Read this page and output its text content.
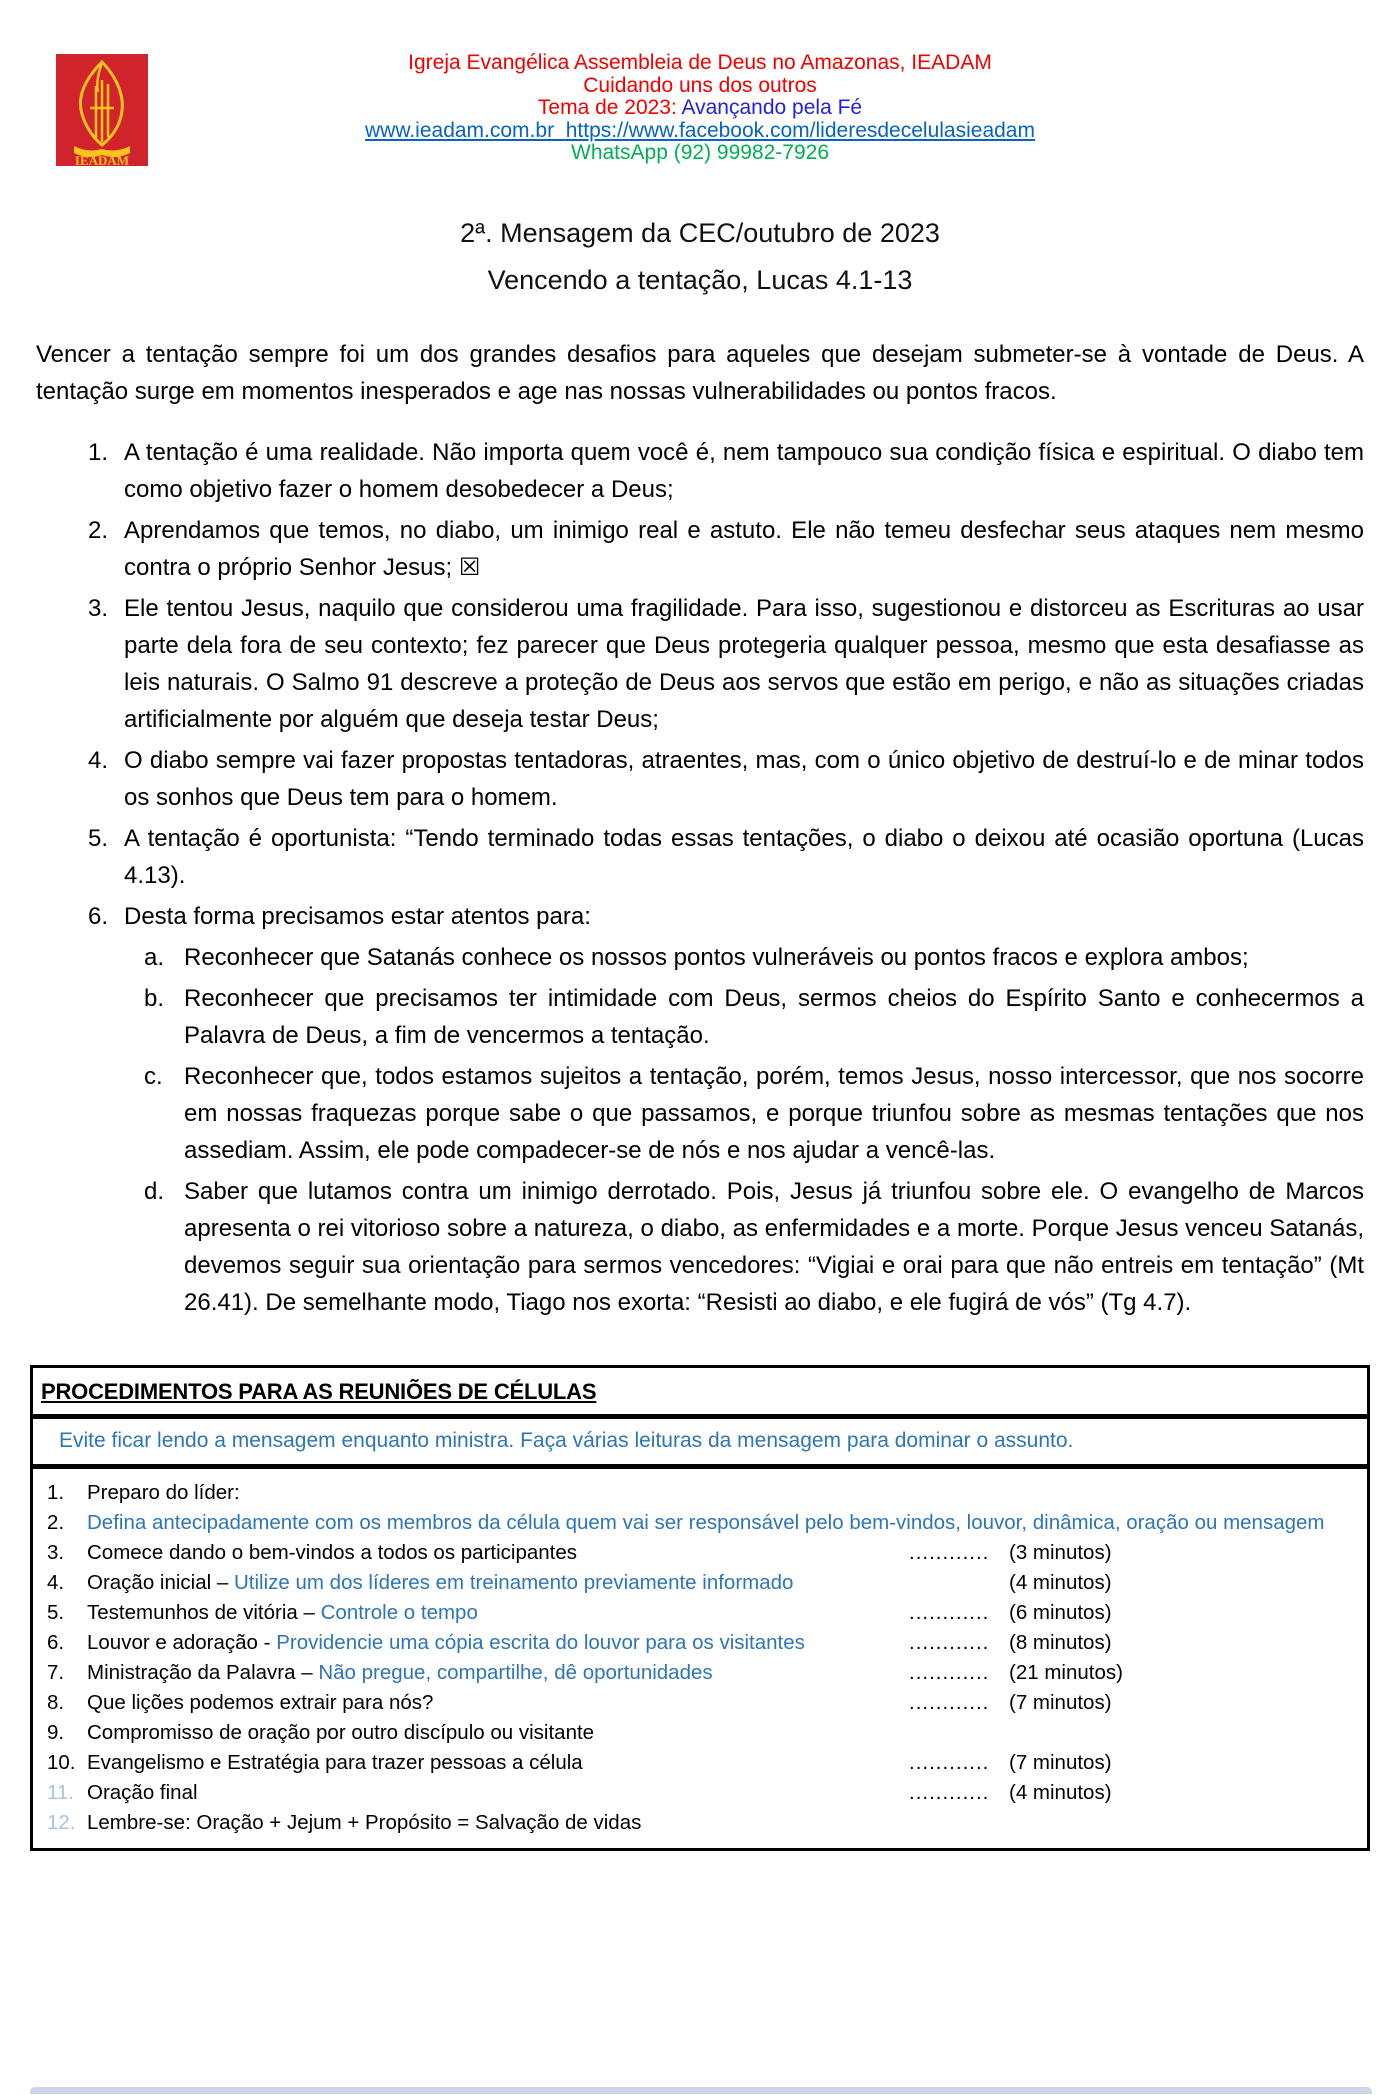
IEADAM
Igreja Evangélica Assembleia de Deus no Amazonas, IEADAM
Cuidando uns dos outros
Tema de 2023: Avançando pela Fé
www.ieadam.com.br https://www.facebook.com/lideresdecelulasieadam
WhatsApp (92) 99982-7926
2ª. Mensagem da CEC/outubro de 2023
Vencendo a tentação, Lucas 4.1-13

Vencer a tentação sempre foi um dos grandes desafios para aqueles que desejam submeter-se à vontade de Deus. A tentação surge em momentos inesperados e age nas nossas vulnerabilidades ou pontos fracos.

1. A tentação é uma realidade. Não importa quem você é, nem tampouco sua condição física e espiritual. O diabo tem como objetivo fazer o homem desobedecer a Deus;
2. Aprendamos que temos, no diabo, um inimigo real e astuto. Ele não temeu desfechar seus ataques nem mesmo contra o próprio Senhor Jesus; ☒
3. Ele tentou Jesus, naquilo que considerou uma fragilidade. Para isso, sugestionou e distorceu as Escrituras ao usar parte dela fora de seu contexto; fez parecer que Deus protegeria qualquer pessoa, mesmo que esta desafiasse as leis naturais. O Salmo 91 descreve a proteção de Deus aos servos que estão em perigo, e não as situações criadas artificialmente por alguém que deseja testar Deus;
4. O diabo sempre vai fazer propostas tentadoras, atraentes, mas, com o único objetivo de destruí-lo e de minar todos os sonhos que Deus tem para o homem.
5. A tentação é oportunista: “Tendo terminado todas essas tentações, o diabo o deixou até ocasião oportuna (Lucas 4.13).
6. Desta forma precisamos estar atentos para:
a. Reconhecer que Satanás conhece os nossos pontos vulneráveis ou pontos fracos e explora ambos;
b. Reconhecer que precisamos ter intimidade com Deus, sermos cheios do Espírito Santo e conhecermos a Palavra de Deus, a fim de vencermos a tentação.
c. Reconhecer que, todos estamos sujeitos a tentação, porém, temos Jesus, nosso intercessor, que nos socorre em nossas fraquezas porque sabe o que passamos, e porque triunfou sobre as mesmas tentações que nos assediam. Assim, ele pode compadecer-se de nós e nos ajudar a vencê-las.
d. Saber que lutamos contra um inimigo derrotado. Pois, Jesus já triunfou sobre ele. O evangelho de Marcos apresenta o rei vitorioso sobre a natureza, o diabo, as enfermidades e a morte. Porque Jesus venceu Satanás, devemos seguir sua orientação para sermos vencedores: “Vigiai e orai para que não entreis em tentação” (Mt 26.41). De semelhante modo, Tiago nos exorta: “Resisti ao diabo, e ele fugirá de vós” (Tg 4.7).
PROCEDIMENTOS PARA AS REUNIÕES DE CÉLULAS
Evite ficar lendo a mensagem enquanto ministra. Faça várias leituras da mensagem para dominar o assunto.
1.	Preparo do líder:
2.	Defina antecipadamente com os membros da célula quem vai ser responsável pelo bem-vindos, louvor, dinâmica, oração ou mensagem
3.	Comece dando o bem-vindos a todos os participantes	............ (3 minutos)
4.	Oração inicial – Utilize um dos líderes em treinamento previamente informado	(4 minutos)
5.	Testemunhos de vitória – Controle o tempo	............ (6 minutos)
6.	Louvor e adoração - Providencie uma cópia escrita do louvor para os visitantes	............ (8 minutos)
7.	Ministração da Palavra – Não pregue, compartilhe, dê oportunidades	............ (21 minutos)
8.	Que lições podemos extrair para nós?	............ (7 minutos)
9.	Compromisso de oração por outro discípulo ou visitante
10. Evangelismo e Estratégia para trazer pessoas a célula	............ (7 minutos)
11. Oração final	............ (4 minutos)
12. Lembre-se: Oração + Jejum + Propósito = Salvação de vidas
